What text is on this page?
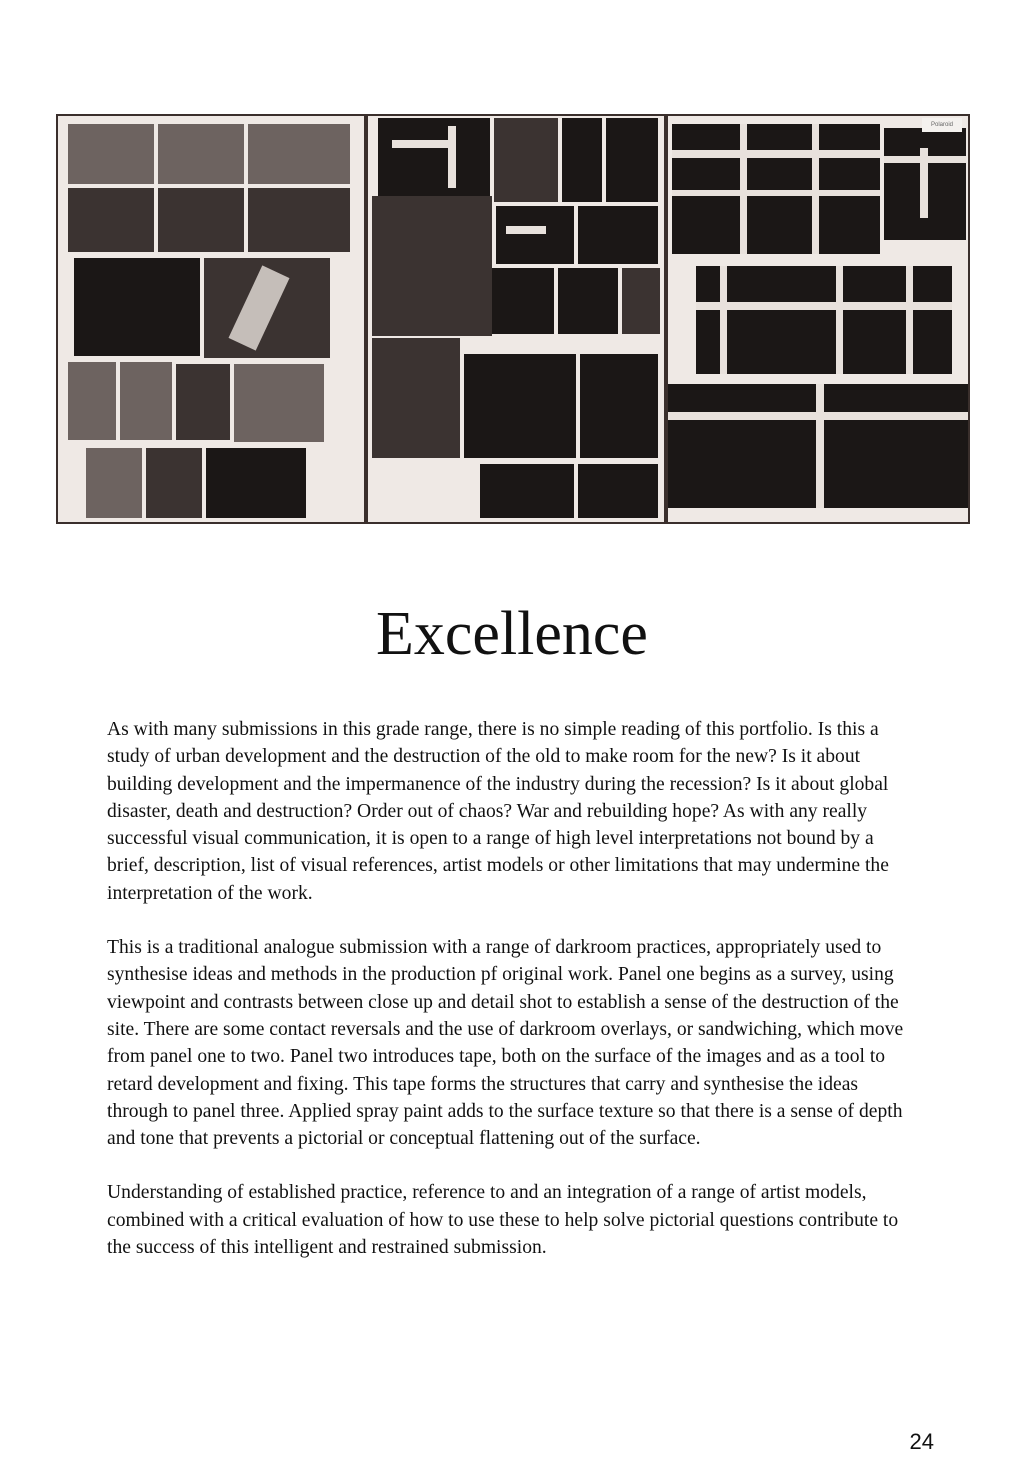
Polaroid
Excellence

As with many submissions in this grade range, there is no simple reading of this portfolio. Is this a study of urban development and the destruction of the old to make room for the new? Is it about building development and the impermanence of the industry during the recession? Is it about global disaster, death and destruction? Order out of chaos? War and rebuilding hope? As with any really successful visual communication, it is open to a range of high level interpretations not bound by a brief, description, list of visual references, artist models or other limitations that may undermine the interpretation of the work.

This is a traditional analogue submission with a range of darkroom practices, appropriately used to synthesise ideas and methods in the production pf original work. Panel one begins as a survey, using viewpoint and contrasts between close up and detail shot to establish a sense of the destruction of the site. There are some contact reversals and the use of darkroom overlays, or sandwiching, which move from panel one to two. Panel two introduces tape, both on the surface of the images and as a tool to retard development and fixing. This tape forms the structures that carry and synthesise the ideas through to panel three. Applied spray paint adds to the surface texture so that there is a sense of depth and tone that prevents a pictorial or conceptual flattening out of the surface.

Understanding of established practice, reference to and an integration of a range of artist models, combined with a critical evaluation of how to use these to help solve pictorial questions contribute to the success of this intelligent and restrained submission.

24
